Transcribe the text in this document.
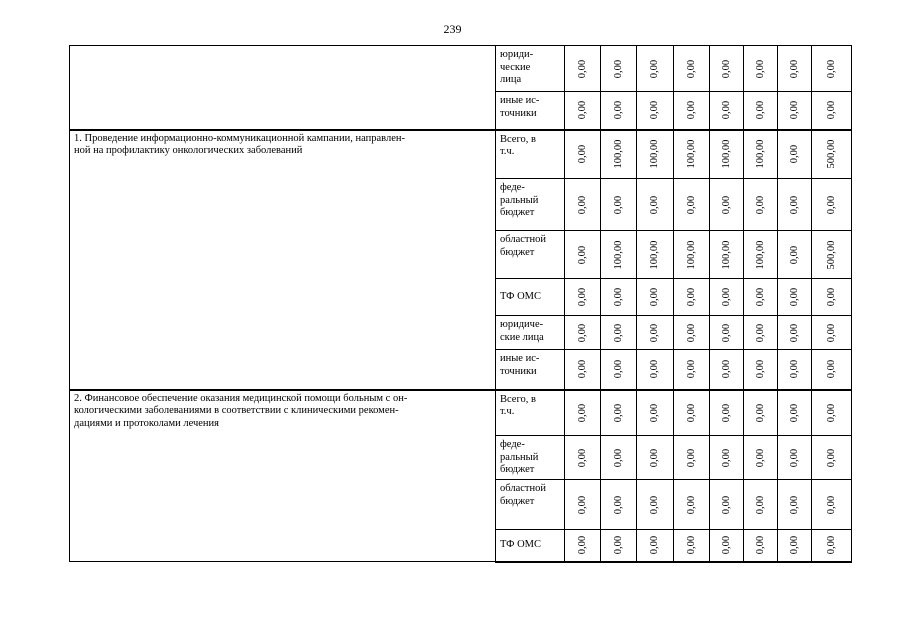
239
	юриди-
ческие
лица	0,00	0,00	0,00	0,00	0,00	0,00	0,00	0,00

	иные ис-
точники	0,00	0,00	0,00	0,00	0,00	0,00	0,00	0,00

1. Проведение информационно-коммуникационной кампании, направлен-
ной на профилактику онкологических заболеваний	Всего, в
т.ч.	0,00	100,00	100,00	100,00	100,00	100,00	0,00	500,00

	феде-
ральный
бюджет	0,00	0,00	0,00	0,00	0,00	0,00	0,00	0,00

	областной
бюджет	0,00	100,00	100,00	100,00	100,00	100,00	0,00	500,00

	ТФ ОМС	0,00	0,00	0,00	0,00	0,00	0,00	0,00	0,00

	юридиче-
ские лица	0,00	0,00	0,00	0,00	0,00	0,00	0,00	0,00

	иные ис-
точники	0,00	0,00	0,00	0,00	0,00	0,00	0,00	0,00

2. Финансовое обеспечение оказания медицинской помощи больным с он-
кологическими заболеваниями в соответствии с клиническими рекомен-
дациями и протоколами лечения	Всего, в
т.ч.	0,00	0,00	0,00	0,00	0,00	0,00	0,00	0,00

	феде-
ральный
бюджет	0,00	0,00	0,00	0,00	0,00	0,00	0,00	0,00

	областной
бюджет	0,00	0,00	0,00	0,00	0,00	0,00	0,00	0,00

	ТФ ОМС	0,00	0,00	0,00	0,00	0,00	0,00	0,00	0,00
